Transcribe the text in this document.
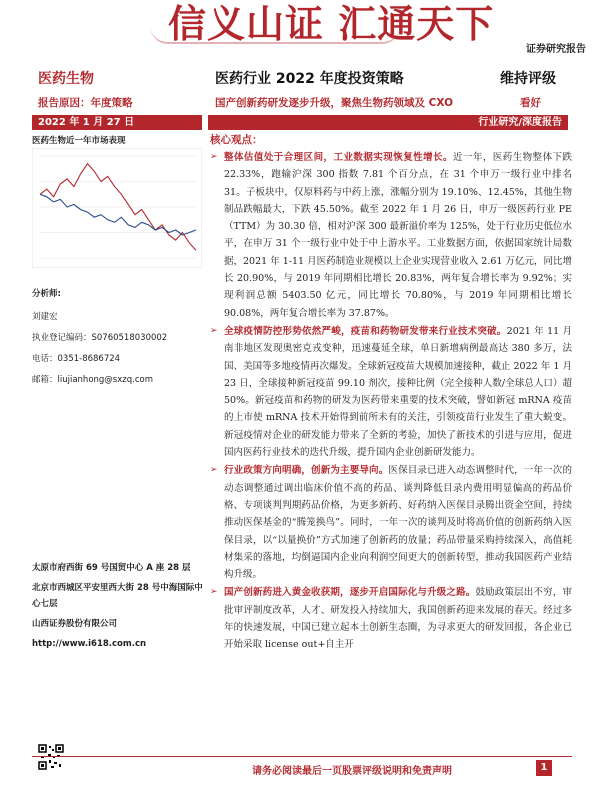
信义山证 汇通天下
证券研究报告
医药生物	医药行业 2022 年度投资策略	维持评级
报告原因：年度策略	国产创新药研发逐步升级，聚焦生物药领域及 CXO	看好
2022 年 1 月 27 日	行业研究/深度报告
医药生物近一年市场表现
分析师:
刘建宏
执业登记编码：S0760518030002
电话：0351-8686724
邮箱：liujianhong@sxzq.com
太原市府西街 69 号国贸中心 A 座 28 层
北京市西城区平安里西大街 28 号中海国际中心七层
山西证券股份有限公司
http://www.i618.com.cn
核心观点：
➢ 整体估值处于合理区间，工业数据实现恢复性增长。近一年，医药生物整体下跌 22.33%，跑输沪深 300 指数 7.81 个百分点，在 31 个申万一级行业中排名 31。子板块中，仅原料药与中药上涨，涨幅分别为 19.10%、12.45%，其他生物制品跌幅最大，下跌 45.50%。截至 2022 年 1 月 26 日，申万一级医药行业 PE（TTM）为 30.30 倍，相对沪深 300 最新溢价率为 125%，处于行业历史低位水平，在申万 31 个一级行业中处于中上游水平。工业数据方面，依据国家统计局数据，2021 年 1-11 月医药制造业规模以上企业实现营业收入 2.61 万亿元，同比增长 20.90%，与 2019 年同期相比增长 20.83%，两年复合增长率为 9.92%；实现利润总额 5403.50 亿元，同比增长 70.80%，与 2019 年同期相比增长 90.08%，两年复合增长率为 37.87%。
➢ 全球疫情防控形势依然严峻，疫苗和药物研发带来行业技术突破。2021 年 11 月南非地区发现奥密克戎变种，迅速蔓延全球，单日新增病例最高达 380 多万，法国、美国等多地疫情再次爆发。全球新冠疫苗大规模加速接种，截止 2022 年 1 月 23 日，全球接种新冠疫苗 99.10 剂次，接种比例（完全接种人数/全球总人口）超 50%。新冠疫苗和药物的研发为医药带来重要的技术突破，譬如新冠 mRNA 疫苗的上市使 mRNA 技术开始得到前所未有的关注，引领疫苗行业发生了重大蜕变。新冠疫情对企业的研发能力带来了全新的考验，加快了新技术的引进与应用，促进国内医药行业技术的迭代升级，提升国内企业创新研发能力。
➢ 行业政策方向明确，创新为主要导向。医保目录已进入动态调整时代，一年一次的动态调整通过调出临床价值不高的药品、谈判降低目录内费用明显偏高的药品价格、专项谈判判期药品价格，为更多新药、好药纳入医保目录腾出资金空间，持续推动医保基金的“腾笼换鸟”。同时，一年一次的谈判及时将高价值的创新药纳入医保目录，以“以量换价”方式加速了创新药的放量；药品带量采购持续深入，高值耗材集采的落地，均倒逼国内企业向利润空间更大的创新转型，推动我国医药产业结构升级。
➢ 国产创新药进入黄金收获期，逐步开启国际化与升级之路。鼓励政策层出不穷，审批审评制度改革，人才、研发投入持续加大，我国创新药迎来发展的春天。经过多年的快速发展，中国已建立起本土创新生态圈，为寻求更大的研发回报，各企业已开始采取 license out+自主开
请务必阅读最后一页股票评级说明和免责声明	1
